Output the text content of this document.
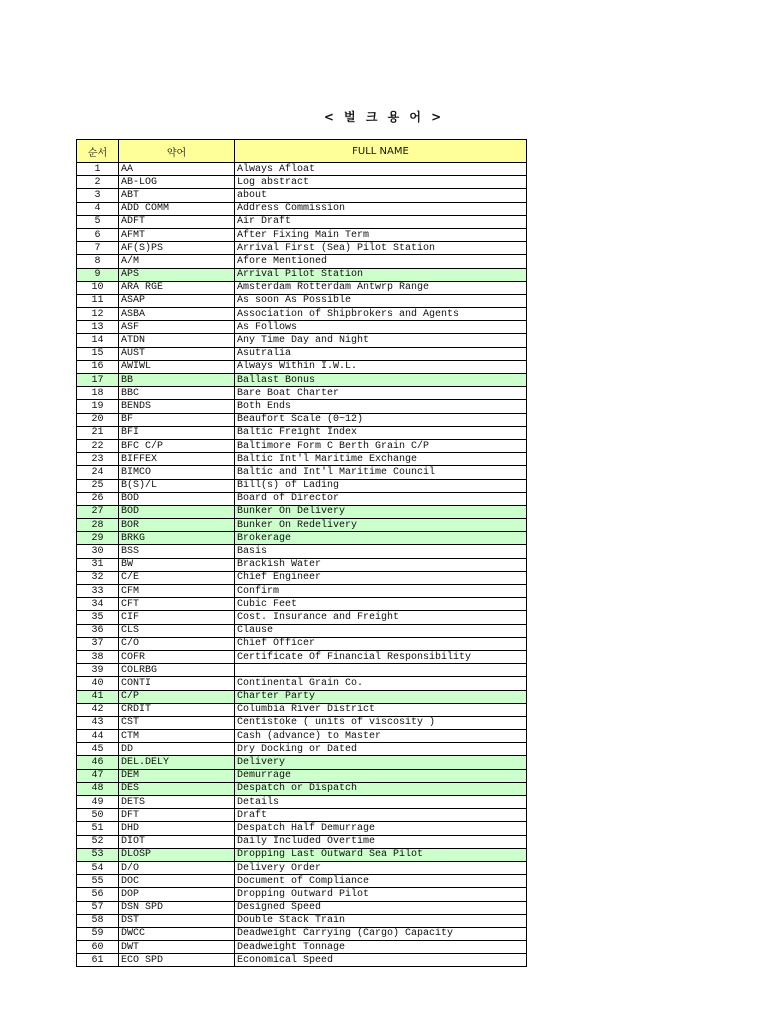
< 벌 크 용 어 >
순서	약어	FULL NAME
1	AA	Always Afloat
2	AB-LOG	Log abstract
3	ABT	about
4	ADD COMM	Address Commission
5	ADFT	Air Draft
6	AFMT	After Fixing Main Term
7	AF(S)PS	Arrival First (Sea) Pilot Station
8	A/M	Afore Mentioned
9	APS	Arrival Pilot Station
10	ARA RGE	Amsterdam Rotterdam Antwrp Range
11	ASAP	As soon As Possible
12	ASBA	Association of Shipbrokers and Agents
13	ASF	As Follows
14	ATDN	Any Time Day and Night
15	AUST	Asutralia
16	AWIWL	Always Within I.W.L.
17	BB	Ballast Bonus
18	BBC	Bare Boat Charter
19	BENDS	Both Ends
20	BF	Beaufort Scale (0~12)
21	BFI	Baltic Freight Index
22	BFC C/P	Baltimore Form C Berth Grain C/P
23	BIFFEX	Baltic Int'l Maritime Exchange
24	BIMCO	Baltic and Int'l Maritime Council
25	B(S)/L	Bill(s) of Lading
26	BOD	Board of Director
27	BOD	Bunker On Delivery
28	BOR	Bunker On Redelivery
29	BRKG	Brokerage
30	BSS	Basis
31	BW	Brackish Water
32	C/E	Chief Engineer
33	CFM	Confirm
34	CFT	Cubic Feet
35	CIF	Cost. Insurance and Freight
36	CLS	Clause
37	C/O	Chief Officer
38	COFR	Certificate Of Financial Responsibility
39	COLRBG	
40	CONTI	Continental Grain Co.
41	C/P	Charter Party
42	CRDIT	Columbia River District
43	CST	Centistoke ( units of viscosity )
44	CTM	Cash (advance) to Master
45	DD	Dry Docking or Dated
46	DEL.DELY	Delivery
47	DEM	Demurrage
48	DES	Despatch or Dispatch
49	DETS	Details
50	DFT	Draft
51	DHD	Despatch Half Demurrage
52	DIOT	Daily Included Overtime
53	DLOSP	Dropping Last Outward Sea Pilot
54	D/O	Delivery Order
55	DOC	Document of Compliance
56	DOP	Dropping Outward Pilot
57	DSN SPD	Designed Speed
58	DST	Double Stack Train
59	DWCC	Deadweight Carrying (Cargo) Capacity
60	DWT	Deadweight Tonnage
61	ECO SPD	Economical Speed
